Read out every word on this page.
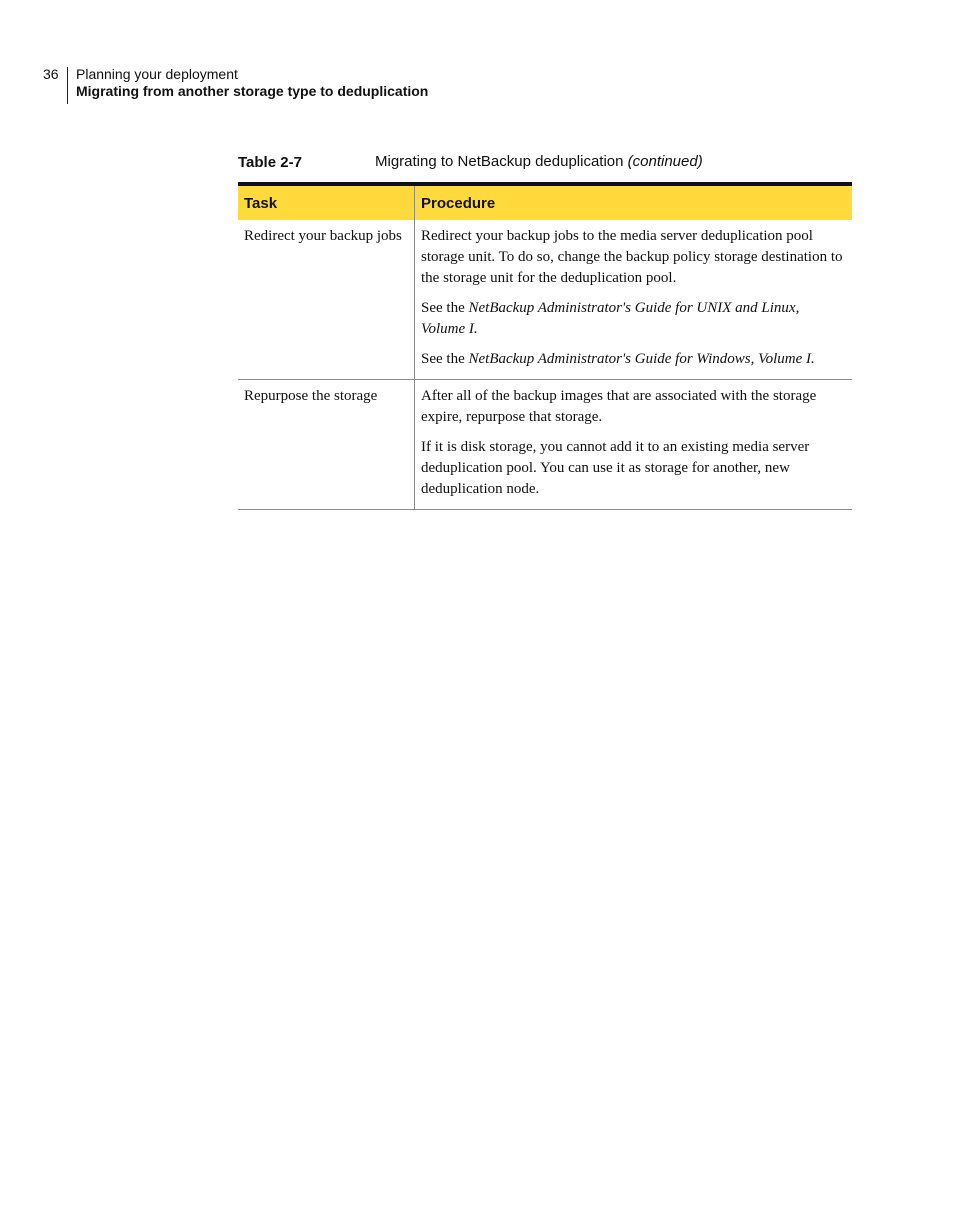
36	Planning your deployment
Migrating from another storage type to deduplication
Table 2-7	Migrating to NetBackup deduplication (continued)
Task	Procedure
Redirect your backup jobs	Redirect your backup jobs to the media server deduplication pool storage unit. To do so, change the backup policy storage destination to the storage unit for the deduplication pool.

See the NetBackup Administrator's Guide for UNIX and Linux, Volume I.

See the NetBackup Administrator's Guide for Windows, Volume I.

Repurpose the storage	After all of the backup images that are associated with the storage expire, repurpose that storage.

If it is disk storage, you cannot add it to an existing media server deduplication pool. You can use it as storage for another, new deduplication node.
